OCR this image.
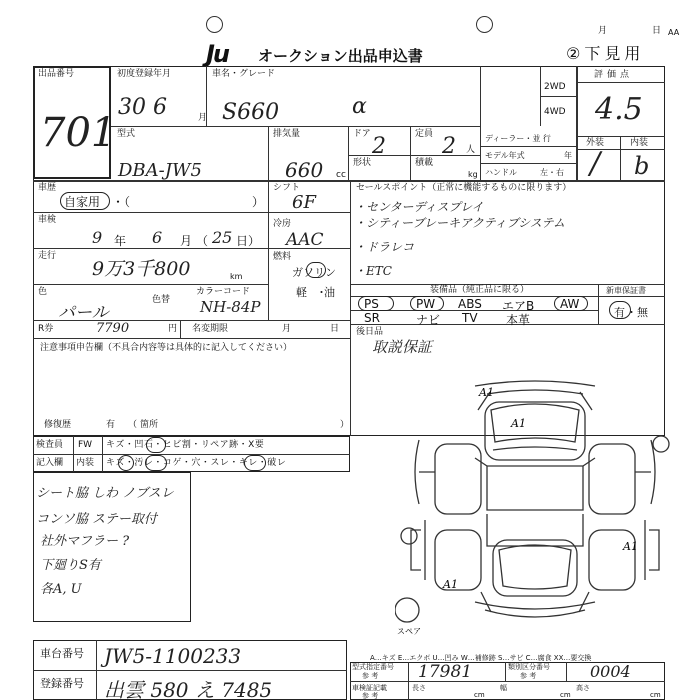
Ju オークション出品申込書
月	日 AA
②下見用
出品番号
701
初度登録年月
30 6	月
車名・グレード
S660	α
2WD
4WD
評価点
4.5
外装	内装
/ b
型式
DBA-JW5
排気量
660 cc
ドア 2
形状
定員 2 人
積載
kg
ディーラー・並 行
モデル年式	年
ハンドル	左・右
車歴
自家用 ・（	）
シフト
6F
車検
9 年 6 月 （ 25 日）
冷房
AAC
走行
9万3千800	km
燃料
ガソリン
軽 ・
油
色
パール
色替
カラーコード
NH-84P
R券	7790	円 名変期限	月	日
セールスポイント（正常に機能するものに限ります）
・センターディスプレイ
・シティーブレーキアクティブシステム
・ドラレコ
・ETC
装備品（純正品に限る）
PS	PW ABS エアB AW
SR	ナビ TV 本革
新車保証書
有 ・無
後日品
取説保証
注意事項申告欄（不具合内容等は具体的に記入してください）
修復歴	有 （ 箇所	）
検査員
記入欄
FW キズ・凹石・ヒビ割・リペア跡・X要
内装 キズ・汚レ・コゲ・穴・スレ・キレ・破レ
シート脇 しわ ノブスレ
コンソ脇 ステー取付
社外マフラー ?
下廻りS有
各A, U
A1
A1
A1
A1
スペア
A…キズ E…エクボ U…凹み W…補修跡 S…サビ C…腐食 XX…要交換
車台番号 JW5-1100233
登録番号 出雲 580 え 7485
型式指定番号
参 考 17981	類別区分番号
参 考	0004
車検証記載
参 考
長さ	幅	高さ
cm	cm	cm
